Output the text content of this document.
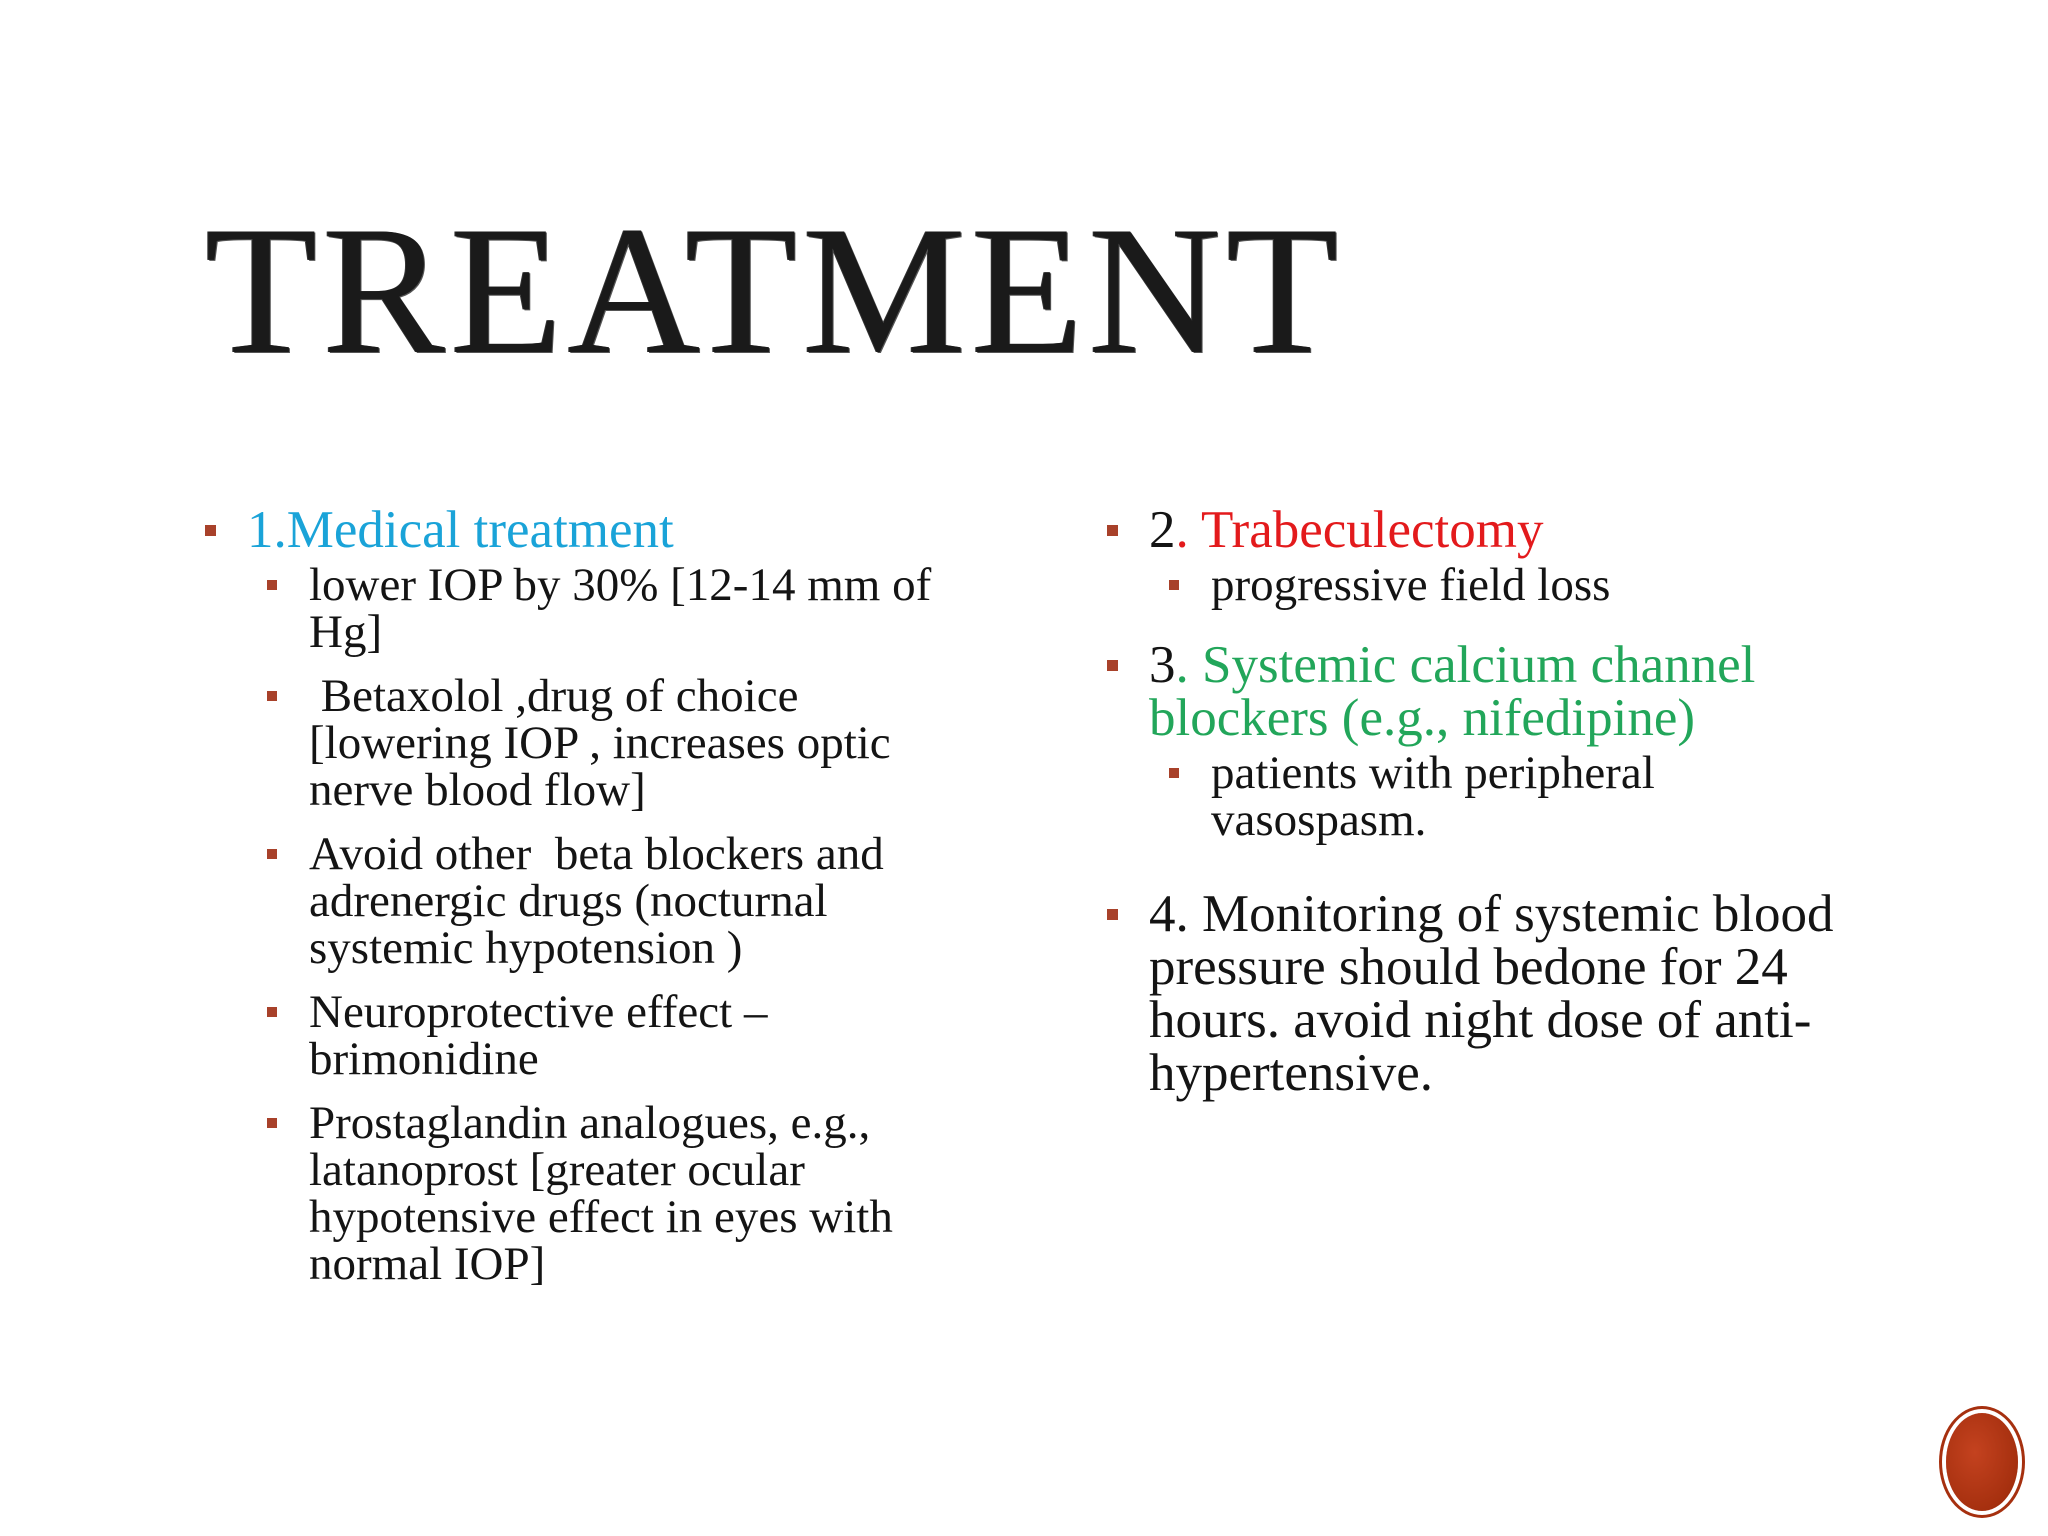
TREATMENT
1.Medical treatment
lower IOP by 30% [12-14 mm of Hg]
Betaxolol ,drug of choice [lowering IOP , increases optic nerve blood flow]
Avoid other  beta blockers and adrenergic drugs (nocturnal systemic hypotension )
Neuroprotective effect – brimonidine
Prostaglandin analogues, e.g., latanoprost [greater ocular hypotensive effect in eyes with normal IOP]
2. Trabeculectomy
progressive field loss
3. Systemic calcium channel blockers (e.g., nifedipine)
patients with peripheral vasospasm.
4. Monitoring of systemic blood pressure should bedone for 24 hours. avoid night dose of anti-hypertensive.
